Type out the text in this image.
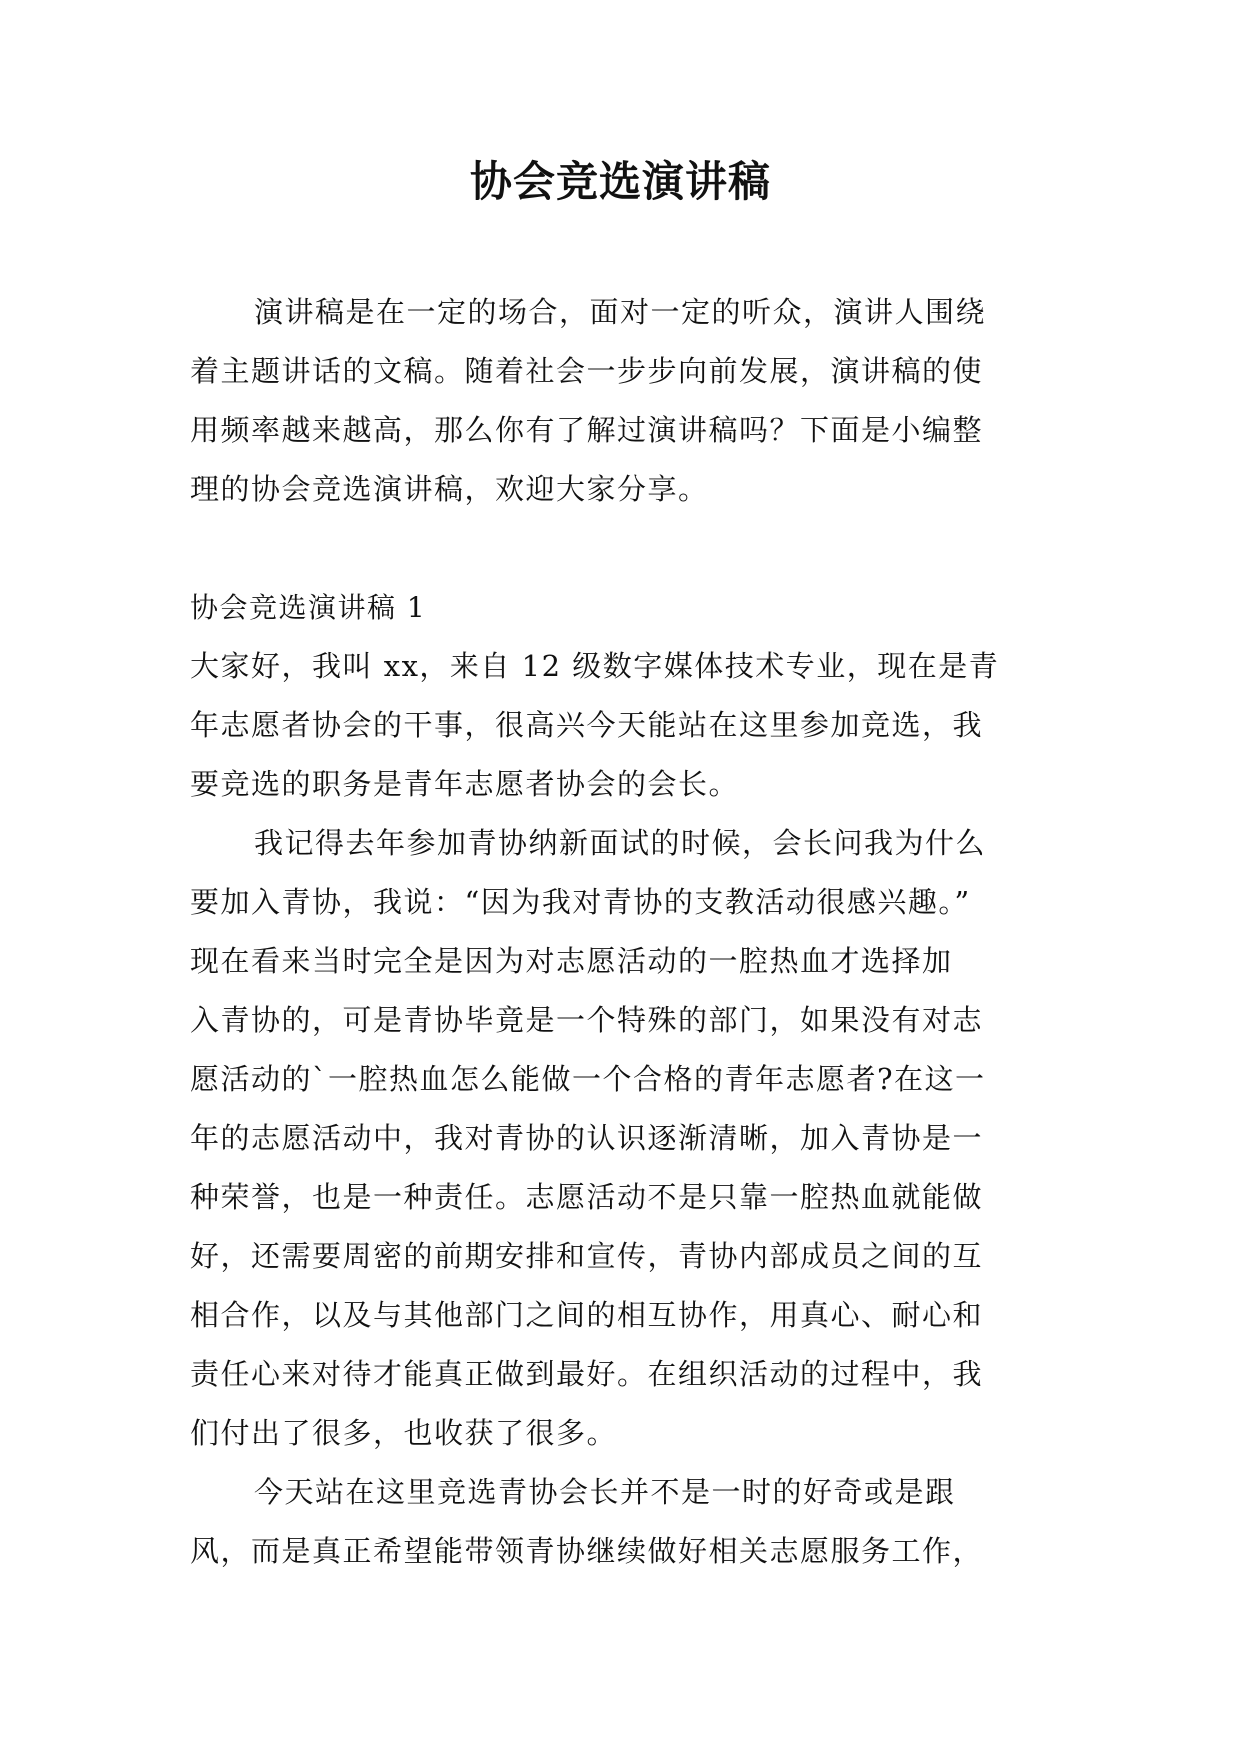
协会竞选演讲稿
演讲稿是在一定的场合，面对一定的听众，演讲人围绕
着主题讲话的文稿。随着社会一步步向前发展，演讲稿的使
用频率越来越高，那么你有了解过演讲稿吗？下面是小编整
理的协会竞选演讲稿，欢迎大家分享。
协会竞选演讲稿 1
大家好，我叫 xx，来自 12 级数字媒体技术专业，现在是青
年志愿者协会的干事，很高兴今天能站在这里参加竞选，我
要竞选的职务是青年志愿者协会的会长。
我记得去年参加青协纳新面试的时候，会长问我为什么
要加入青协，我说：“因为我对青协的支教活动很感兴趣。”
现在看来当时完全是因为对志愿活动的一腔热血才选择加
入青协的，可是青协毕竟是一个特殊的部门，如果没有对志
愿活动的`一腔热血怎么能做一个合格的青年志愿者?在这一
年的志愿活动中，我对青协的认识逐渐清晰，加入青协是一
种荣誉，也是一种责任。志愿活动不是只靠一腔热血就能做
好，还需要周密的前期安排和宣传，青协内部成员之间的互
相合作，以及与其他部门之间的相互协作，用真心、耐心和
责任心来对待才能真正做到最好。在组织活动的过程中，我
们付出了很多，也收获了很多。
今天站在这里竞选青协会长并不是一时的好奇或是跟
风，而是真正希望能带领青协继续做好相关志愿服务工作，
